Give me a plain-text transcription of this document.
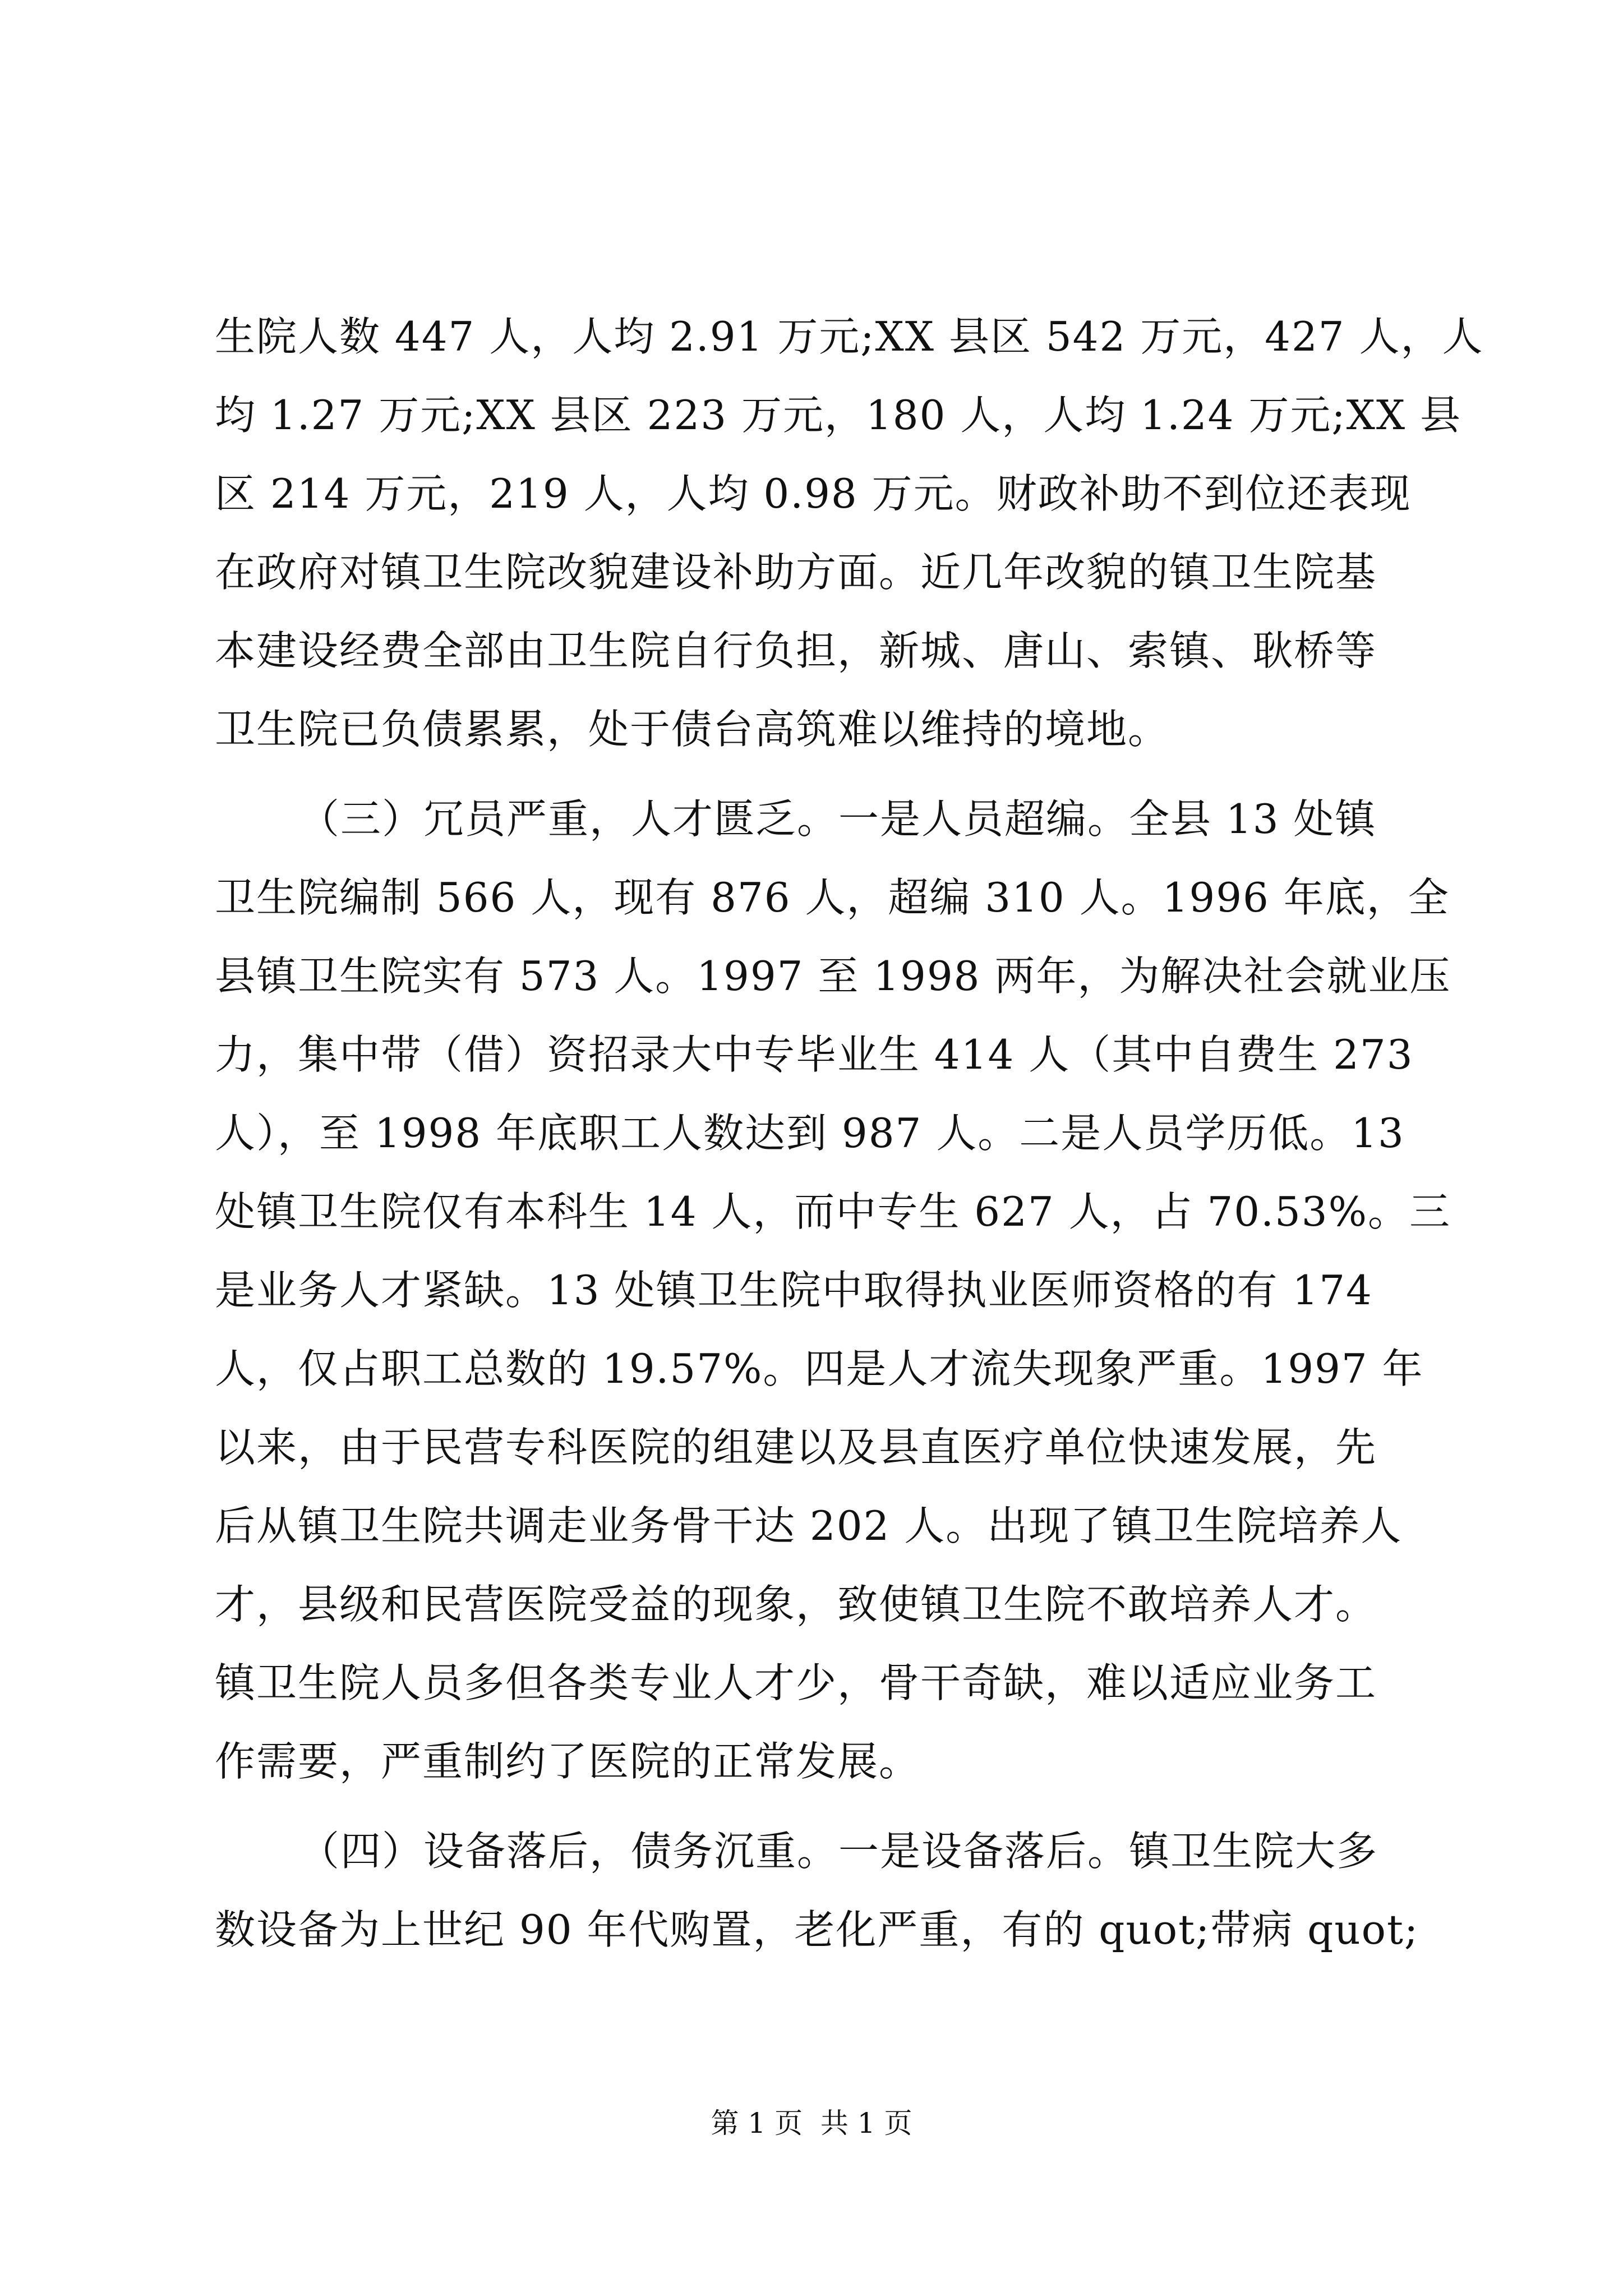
生院人数 447 人，人均 2.91 万元;XX 县区 542 万元，427 人，人
均 1.27 万元;XX 县区 223 万元，180 人，人均 1.24 万元;XX 县
区 214 万元，219 人，人均 0.98 万元。财政补助不到位还表现
在政府对镇卫生院改貌建设补助方面。近几年改貌的镇卫生院基
本建设经费全部由卫生院自行负担，新城、唐山、索镇、耿桥等
卫生院已负债累累，处于债台高筑难以维持的境地。
（三）冗员严重，人才匮乏。一是人员超编。全县 13 处镇
卫生院编制 566 人，现有 876 人，超编 310 人。1996 年底，全
县镇卫生院实有 573 人。1997 至 1998 两年，为解决社会就业压
力，集中带（借）资招录大中专毕业生 414 人（其中自费生 273
人），至 1998 年底职工人数达到 987 人。二是人员学历低。13
处镇卫生院仅有本科生 14 人，而中专生 627 人，占 70.53%。三
是业务人才紧缺。13 处镇卫生院中取得执业医师资格的有 174
人，仅占职工总数的 19.57%。四是人才流失现象严重。1997 年
以来，由于民营专科医院的组建以及县直医疗单位快速发展，先
后从镇卫生院共调走业务骨干达 202 人。出现了镇卫生院培养人
才，县级和民营医院受益的现象，致使镇卫生院不敢培养人才。
镇卫生院人员多但各类专业人才少，骨干奇缺，难以适应业务工
作需要，严重制约了医院的正常发展。
（四）设备落后，债务沉重。一是设备落后。镇卫生院大多
数设备为上世纪 90 年代购置，老化严重，有的 quot;带病 quot;
第 1 页  共 1 页
